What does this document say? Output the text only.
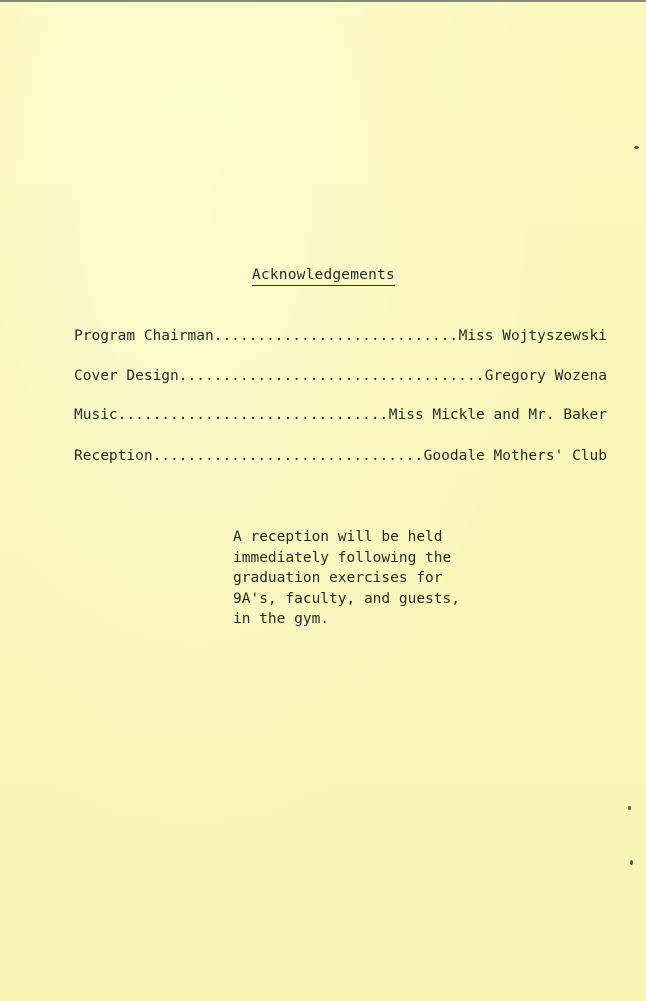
Acknowledgements
Program Chairman .....	Miss Wojtyszewski
Cover Design .....	Gregory Wozena
Music .....	Miss Mickle and Mr. Baker
Reception .....	Goodale Mothers' Club
A reception will be held
immediately following the
graduation exercises for
9A's, faculty, and guests,
in the gym.
